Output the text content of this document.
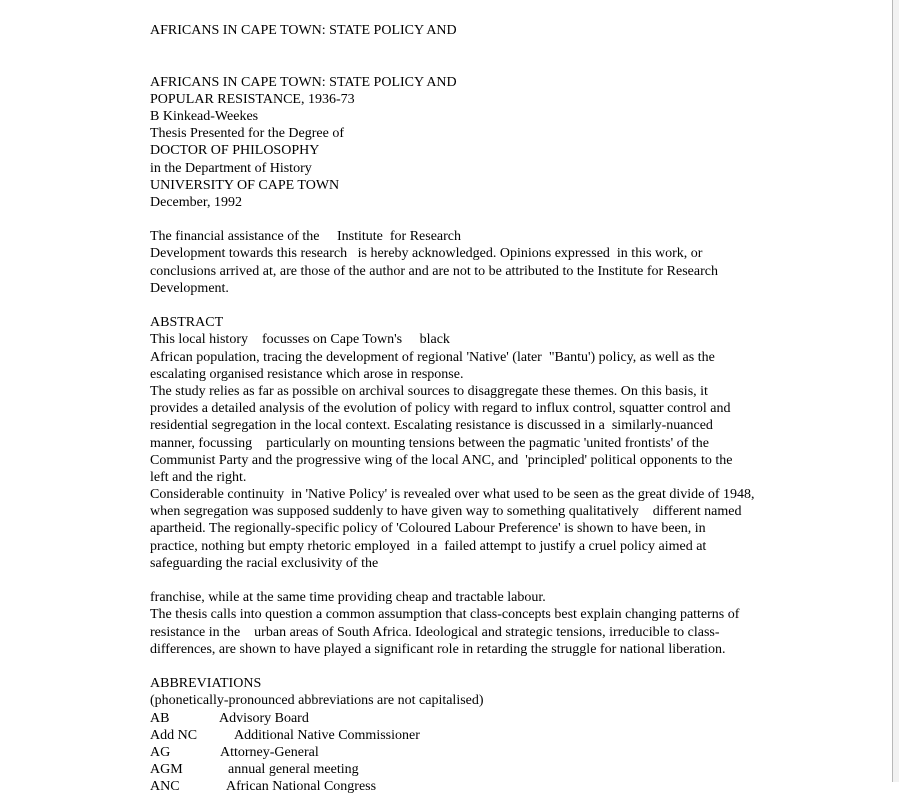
AFRICANS IN CAPE TOWN: STATE POLICY AND
AFRICANS IN CAPE TOWN: STATE POLICY AND
POPULAR RESISTANCE, 1936-73
B Kinkead-Weekes
Thesis Presented for the Degree of
DOCTOR OF PHILOSOPHY
in the Department of History
UNIVERSITY OF CAPE TOWN
December, 1992
The financial assistance of the     Institute  for Research
Development towards this research   is hereby acknowledged. Opinions expressed  in this work, or
conclusions arrived at, are those of the author and are not to be attributed to the Institute for Research
Development.
ABSTRACT
This local history    focusses on Cape Town's     black
African population, tracing the development of regional 'Native' (later  "Bantu') policy, as well as the
escalating organised resistance which arose in response.
The study relies as far as possible on archival sources to disaggregate these themes. On this basis, it
provides a detailed analysis of the evolution of policy with regard to influx control, squatter control and
residential segregation in the local context. Escalating resistance is discussed in a  similarly-nuanced
manner, focussing    particularly on mounting tensions between the pagmatic 'united frontists' of the
Communist Party and the progressive wing of the local ANC, and  'principled' political opponents to the
left and the right.
Considerable continuity  in 'Native Policy' is revealed over what used to be seen as the great divide of 1948,
when segregation was supposed suddenly to have given way to something qualitatively    different named
apartheid. The regionally-specific policy of 'Coloured Labour Preference' is shown to have been, in
practice, nothing but empty rhetoric employed  in a  failed attempt to justify a cruel policy aimed at
safeguarding the racial exclusivity of the
franchise, while at the same time providing cheap and tractable labour.
The thesis calls into question a common assumption that class-concepts best explain changing patterns of
resistance in the    urban areas of South Africa. Ideological and strategic tensions, irreducible to class-
differences, are shown to have played a significant role in retarding the struggle for national liberation.
ABBREVIATIONS
(phonetically-pronounced abbreviations are not capitalised)
AB	Advisory Board
Add NC	Additional Native Commissioner
AG	Attorney-General
AGM	annual general meeting
ANC	African National Congress
